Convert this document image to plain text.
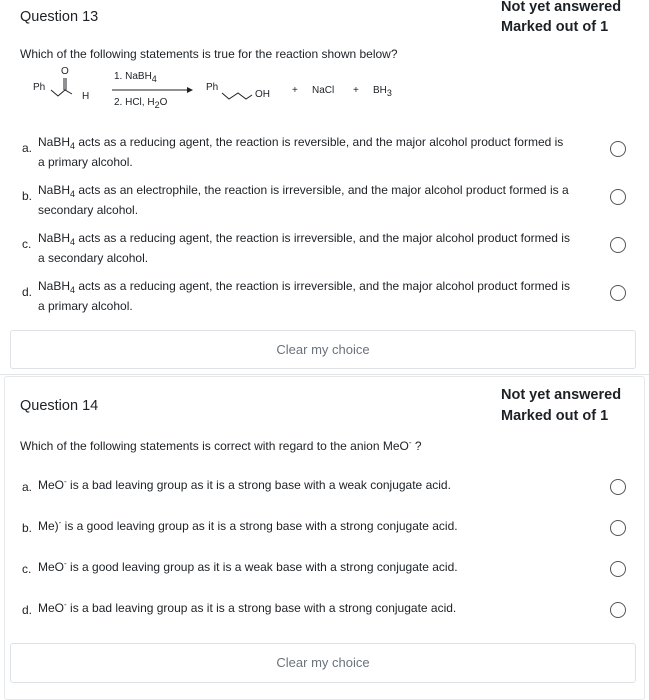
Question 13
Not yet answered
Marked out of 1
Which of the following statements is true for the reaction shown below?
Ph
O
H
1. NaBH$_4$
2. HCl, $H_2O$
Ph
OH + NaCl + $BH_3$
a. NaBH$_4$ acts as a reducing agent, the reaction is reversible, and the major alcohol product formed is
a primary alcohol.
b. NaBH$_4$ acts as an electrophile, the reaction is irreversible, and the major alcohol product formed is a
secondary alcohol.
c. NaBH$_4$ acts as a reducing agent, the reaction is irreversible, and the major alcohol product formed is
a secondary alcohol.
d. NaBH$_4$ acts as a reducing agent, the reaction is irreversible, and the major alcohol product formed is
a primary alcohol.
Clear my choice
Question 14
Not yet answered
Marked out of 1
Which of the following statements is correct with regard to the anion MeO- ?
a. MeO- is a bad leaving group as it is a strong base with a weak conjugate acid.
b. Me)- is a good leaving group as it is a strong base with a strong conjugate acid.
c. MeO- is a good leaving group as it is a weak base with a strong conjugate acid.
d. MeO- is a bad leaving group as it is a strong base with a strong conjugate acid.
Clear my choice
